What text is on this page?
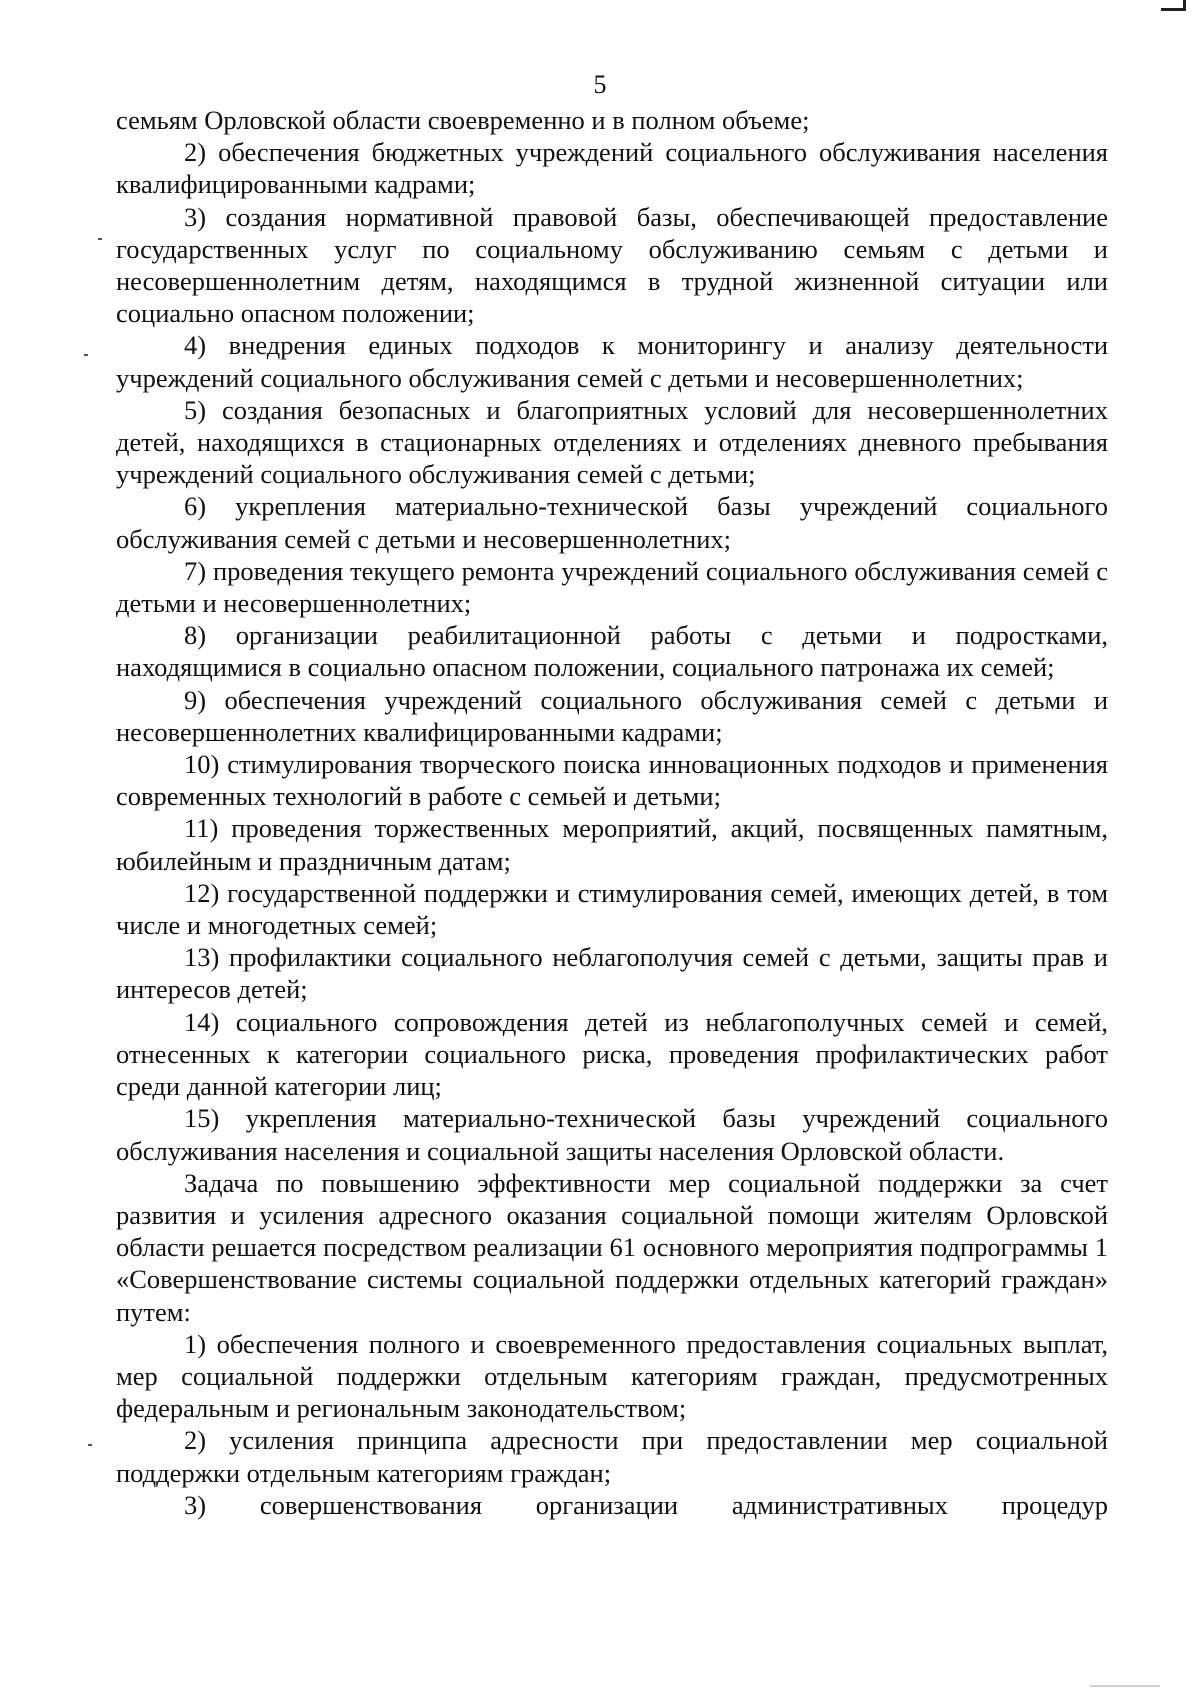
5

семьям Орловской области своевременно и в полном объеме;

2) обеспечения бюджетных учреждений социального обслуживания населения квалифицированными кадрами;

3) создания нормативной правовой базы, обеспечивающей предоставление государственных услуг по социальному обслуживанию семьям с детьми и несовершеннолетним детям, находящимся в трудной жизненной ситуации или социально опасном положении;

4) внедрения единых подходов к мониторингу и анализу деятельности учреждений социального обслуживания семей с детьми и несовершеннолетних;

5) создания безопасных и благоприятных условий для несовершеннолетних детей, находящихся в стационарных отделениях и отделениях дневного пребывания учреждений социального обслуживания семей с детьми;

6) укрепления материально-технической базы учреждений социального обслуживания семей с детьми и несовершеннолетних;

7) проведения текущего ремонта учреждений социального обслуживания семей с детьми и несовершеннолетних;

8) организации реабилитационной работы с детьми и подростками, находящимися в социально опасном положении, социального патронажа их семей;

9) обеспечения учреждений социального обслуживания семей с детьми и несовершеннолетних квалифицированными кадрами;

10) стимулирования творческого поиска инновационных подходов и применения современных технологий в работе с семьей и детьми;

11) проведения торжественных мероприятий, акций, посвященных памятным, юбилейным и праздничным датам;

12) государственной поддержки и стимулирования семей, имеющих детей, в том числе и многодетных семей;

13) профилактики социального неблагополучия семей с детьми, защиты прав и интересов детей;

14) социального сопровождения детей из неблагополучных семей и семей, отнесенных к категории социального риска, проведения профилактических работ среди данной категории лиц;

15) укрепления материально-технической базы учреждений социального обслуживания населения и социальной защиты населения Орловской области.

Задача по повышению эффективности мер социальной поддержки за счет развития и усиления адресного оказания социальной помощи жителям Орловской области решается посредством реализации 61 основного мероприятия подпрограммы 1 «Совершенствование системы социальной поддержки отдельных категорий граждан» путем:

1) обеспечения полного и своевременного предоставления социальных выплат, мер социальной поддержки отдельным категориям граждан, предусмотренных федеральным и региональным законодательством;

2) усиления принципа адресности при предоставлении мер социальной поддержки отдельным категориям граждан;

3) совершенствования организации административных процедур
